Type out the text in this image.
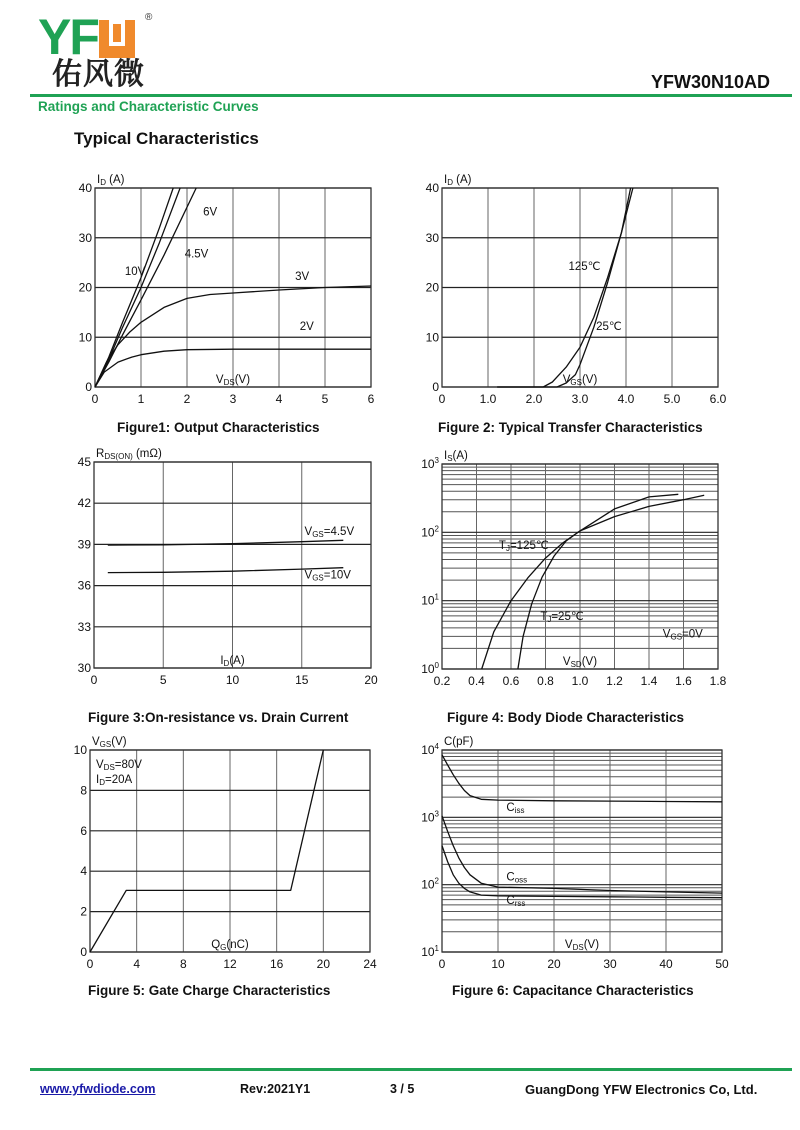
YF	®
佑风微	YFW30N10AD
Ratings and Characteristic Curves
Typical Characteristics
0	1	2	3	4	5	6
0
10
20
30
40
ID (A)
VDS(V)
10V
6V
4.5V
3V
2V
0	1.0 2.0 3.0 4.0 5.0 6.0
0
10
20
30
40
ID (A)
VGS(V)
125℃
25℃
0	5	10	15	20
30
33
36
39
42
45
RDS(ON) (mΩ)
ID(A)
VGS=4.5V
VGS=10V
0.2 0.4 0.6 0.8 1.0 1.2 1.4 1.6 1.8
$10^0$
$10^1$
$10^2$
$10^3$ IS(A)
VSD(V)
TJ=125℃
TJ=25℃
VGS=0V
0	4	8	12	16	20	24
0
2
4
6
8
10
VGS(V)
QG(nC)
VDS=80V
ID=20A
0	10	20	30	40	50
$10^1$
$10^2$
$10^3$
$10^4$ C(pF)
VDS(V)
Ciss
Coss
Crss
Figure1: Output Characteristics	Figure 2: Typical Transfer Characteristics
Figure 3:On-resistance vs. Drain Current	Figure 4: Body Diode Characteristics
Figure 5: Gate Charge Characteristics	Figure 6: Capacitance Characteristics
www.yfwdiode.com	Rev:2021Y1	3 / 5	GuangDong YFW Electronics Co, Ltd.
